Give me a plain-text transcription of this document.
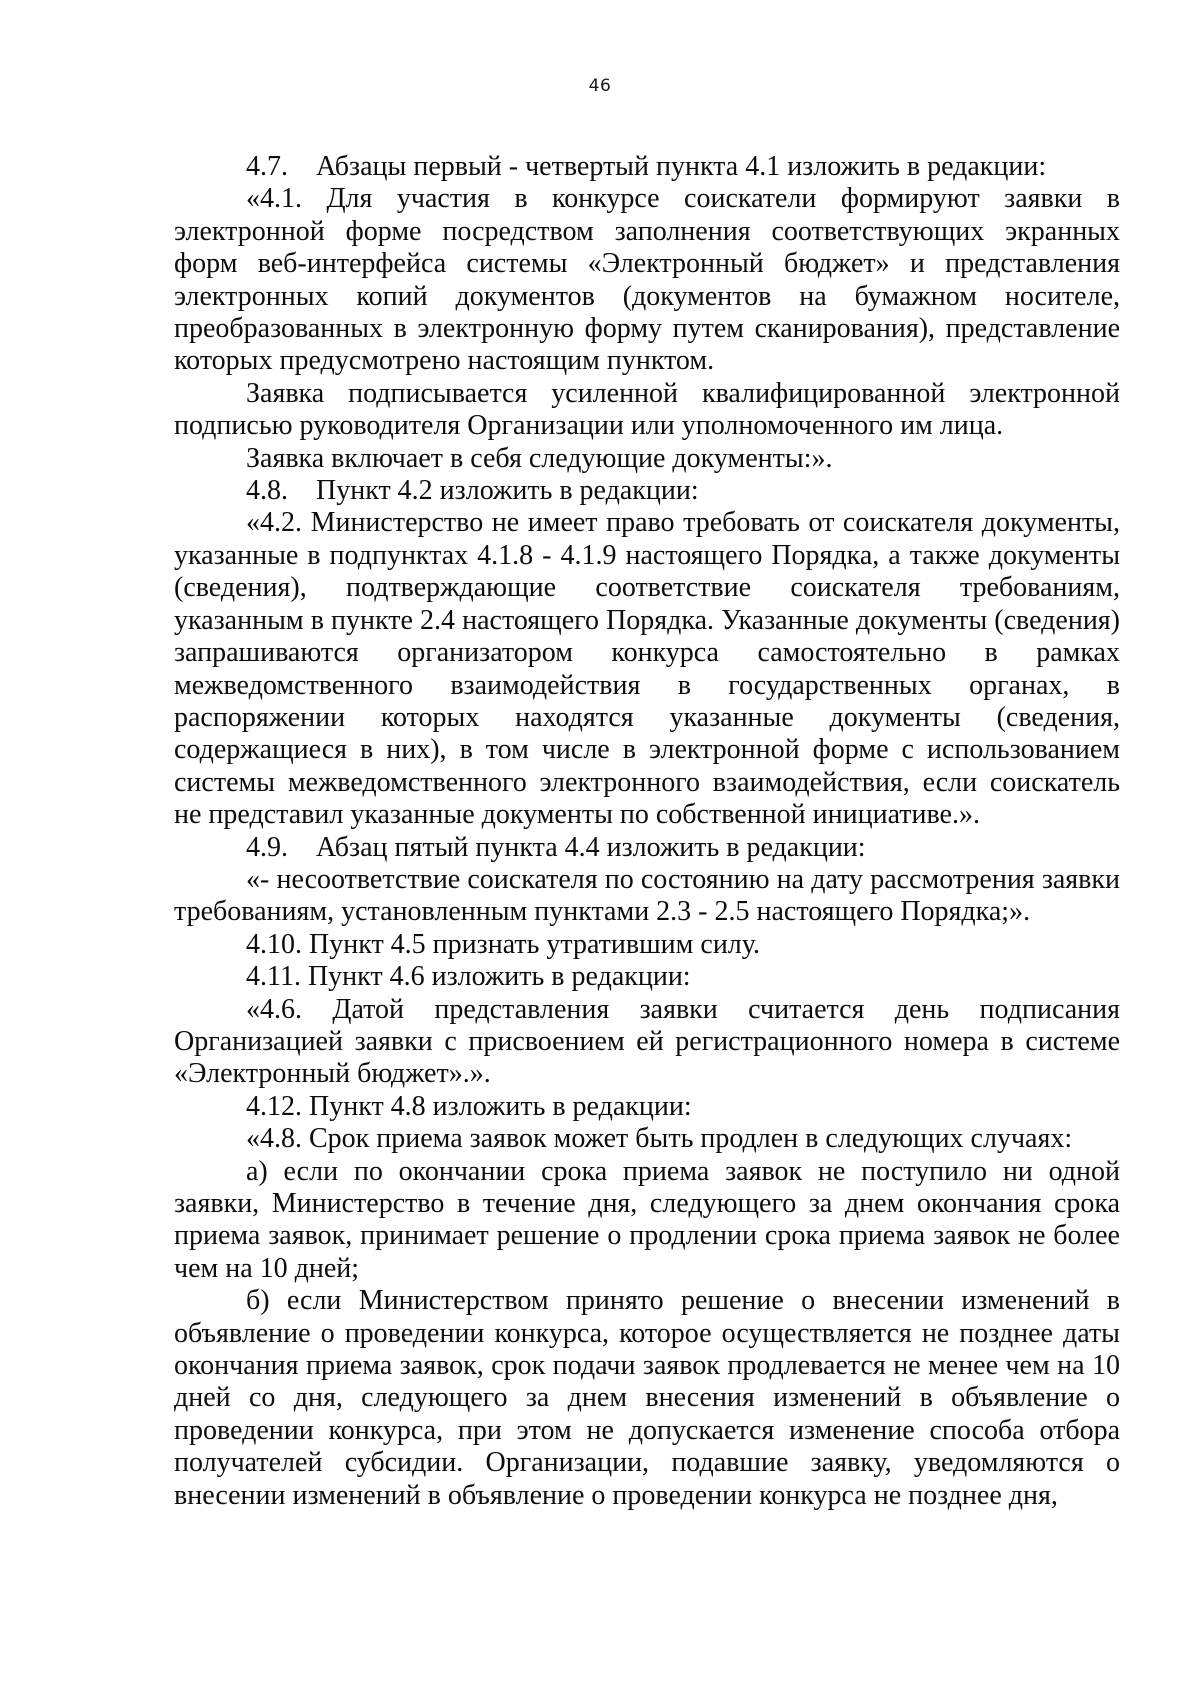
46

4.7. Абзацы первый - четвертый пункта 4.1 изложить в редакции:

«4.1. Для участия в конкурсе соискатели формируют заявки в электронной форме посредством заполнения соответствующих экранных форм веб-интерфейса системы «Электронный бюджет» и представления электронных копий документов (документов на бумажном носителе, преобразованных в электронную форму путем сканирования), представление которых предусмотрено настоящим пунктом.

Заявка подписывается усиленной квалифицированной электронной подписью руководителя Организации или уполномоченного им лица.

Заявка включает в себя следующие документы:».

4.8. Пункт 4.2 изложить в редакции:

«4.2. Министерство не имеет право требовать от соискателя документы, указанные в подпунктах 4.1.8 - 4.1.9 настоящего Порядка, а также документы (сведения), подтверждающие соответствие соискателя требованиям, указанным в пункте 2.4 настоящего Порядка. Указанные документы (сведения) запрашиваются организатором конкурса самостоятельно в рамках межведомственного взаимодействия в государственных органах, в распоряжении которых находятся указанные документы (сведения, содержащиеся в них), в том числе в электронной форме с использованием системы межведомственного электронного взаимодействия, если соискатель не представил указанные документы по собственной инициативе.».

4.9. Абзац пятый пункта 4.4 изложить в редакции:

«- несоответствие соискателя по состоянию на дату рассмотрения заявки требованиям, установленным пунктами 2.3 - 2.5 настоящего Порядка;».

4.10. Пункт 4.5 признать утратившим силу.

4.11. Пункт 4.6 изложить в редакции:

«4.6. Датой представления заявки считается день подписания Организацией заявки с присвоением ей регистрационного номера в системе «Электронный бюджет».».

4.12. Пункт 4.8 изложить в редакции:

«4.8. Срок приема заявок может быть продлен в следующих случаях:

а) если по окончании срока приема заявок не поступило ни одной заявки, Министерство в течение дня, следующего за днем окончания срока приема заявок, принимает решение о продлении срока приема заявок не более чем на 10 дней;

б) если Министерством принято решение о внесении изменений в объявление о проведении конкурса, которое осуществляется не позднее даты окончания приема заявок, срок подачи заявок продлевается не менее чем на 10 дней со дня, следующего за днем внесения изменений в объявление о проведении конкурса, при этом не допускается изменение способа отбора получателей субсидии. Организации, подавшие заявку, уведомляются о внесении изменений в объявление о проведении конкурса не позднее дня,
